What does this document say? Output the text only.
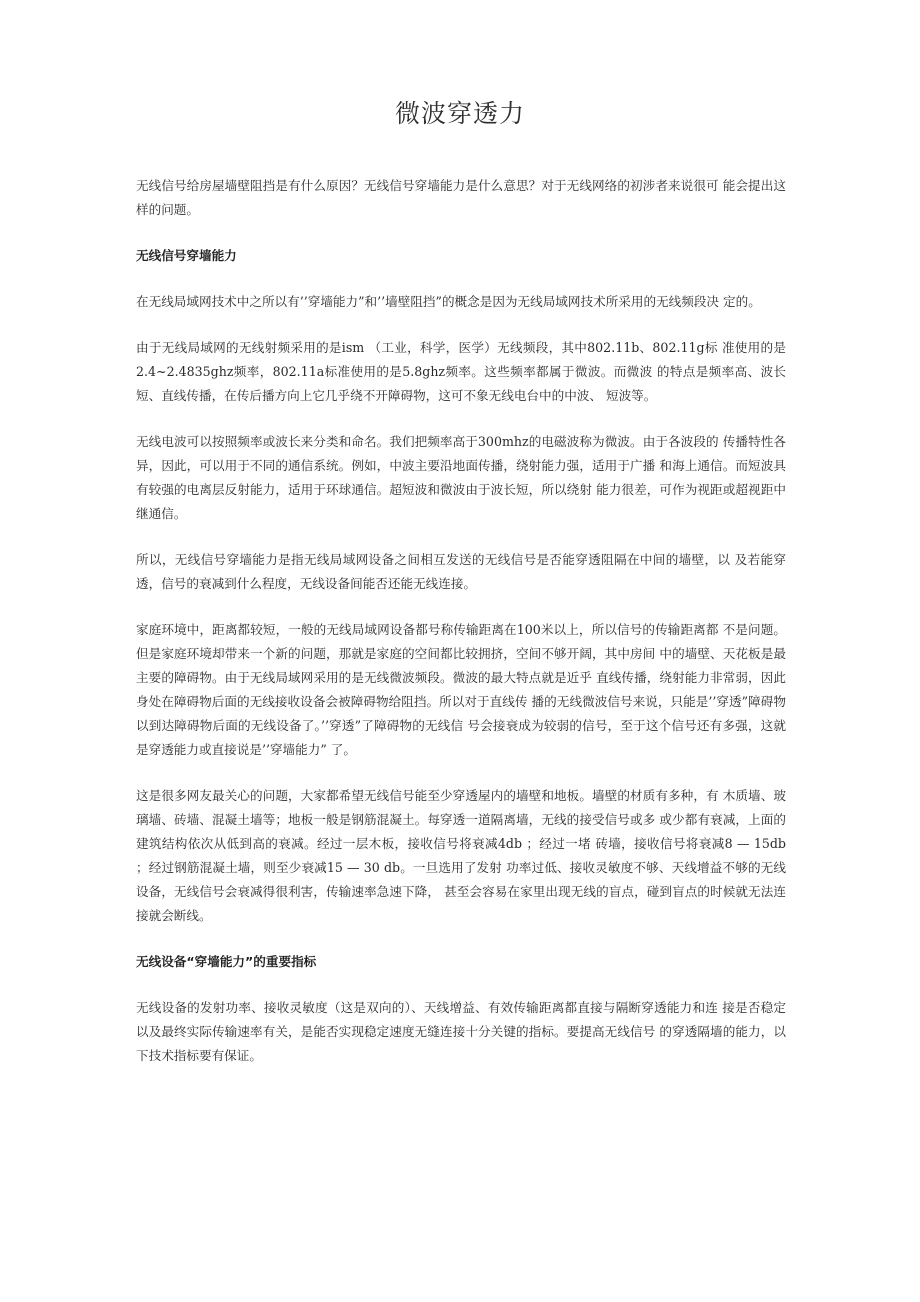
微波穿透力

无线信号给房屋墙壁阻挡是有什么原因？无线信号穿墙能力是什么意思？对于无线网络的初涉者来说很可 能会提出这样的问题。

无线信号穿墙能力

在无线局域网技术中之所以有’’穿墙能力”和’’墙壁阻挡”的概念是因为无线局域网技术所采用的无线频段决 定的。

由于无线局域网的无线射频采用的是ism （工业，科学，医学）无线频段，其中802.11b、802.11g标 准使用的是2.4~2.4835ghz频率，802.11a标准使用的是5.8ghz频率。这些频率都属于微波。而微波 的特点是频率高、波长短、直线传播，在传后播方向上它几乎绕不开障碍物，这可不象无线电台中的中波、 短波等。

无线电波可以按照频率或波长来分类和命名。我们把频率高于300mhz的电磁波称为微波。由于各波段的 传播特性各异，因此，可以用于不同的通信系统。例如，中波主要沿地面传播，绕射能力强，适用于广播 和海上通信。而短波具有较强的电离层反射能力，适用于环球通信。超短波和微波由于波长短，所以绕射 能力很差，可作为视距或超视距中继通信。

所以，无线信号穿墙能力是指无线局域网设备之间相互发送的无线信号是否能穿透阻隔在中间的墙壁，以 及若能穿透，信号的衰减到什么程度，无线设备间能否还能无线连接。

家庭环境中，距离都较短，一般的无线局域网设备都号称传输距离在100米以上，所以信号的传输距离都 不是问题。但是家庭环境却带来一个新的问题，那就是家庭的空间都比较拥挤，空间不够开阔，其中房间 中的墙壁、天花板是最主要的障碍物。由于无线局域网采用的是无线微波频段。微波的最大特点就是近乎 直线传播，绕射能力非常弱，因此身处在障碍物后面的无线接收设备会被障碍物给阻挡。所以对于直线传 播的无线微波信号来说，只能是’’穿透”障碍物以到达障碍物后面的无线设备了。’’穿透”了障碍物的无线信 号会接衰成为较弱的信号，至于这个信号还有多强，这就是穿透能力或直接说是’’穿墙能力” 了。

这是很多网友最关心的问题，大家都希望无线信号能至少穿透屋内的墙壁和地板。墙壁的材质有多种，有 木质墙、玻璃墙、砖墙、混凝土墙等；地板一般是钢筋混凝土。每穿透一道隔离墙，无线的接受信号或多 或少都有衰减，上面的建筑结构依次从低到高的衰减。经过一层木板，接收信号将衰减4db ；经过一堵 砖墙，接收信号将衰减8 — 15db ；经过钢筋混凝土墙，则至少衰减15 — 30 db。一旦选用了发射 功率过低、接收灵敏度不够、天线增益不够的无线设备，无线信号会衰减得很利害，传输速率急速下降， 甚至会容易在家里出现无线的盲点，碰到盲点的时候就无法连接就会断线。

无线设备“穿墙能力”的重要指标

无线设备的发射功率、接收灵敏度（这是双向的）、天线增益、有效传输距离都直接与隔断穿透能力和连 接是否稳定以及最终实际传输速率有关，是能否实现稳定速度无缝连接十分关键的指标。要提高无线信号 的穿透隔墙的能力，以下技术指标要有保证。
